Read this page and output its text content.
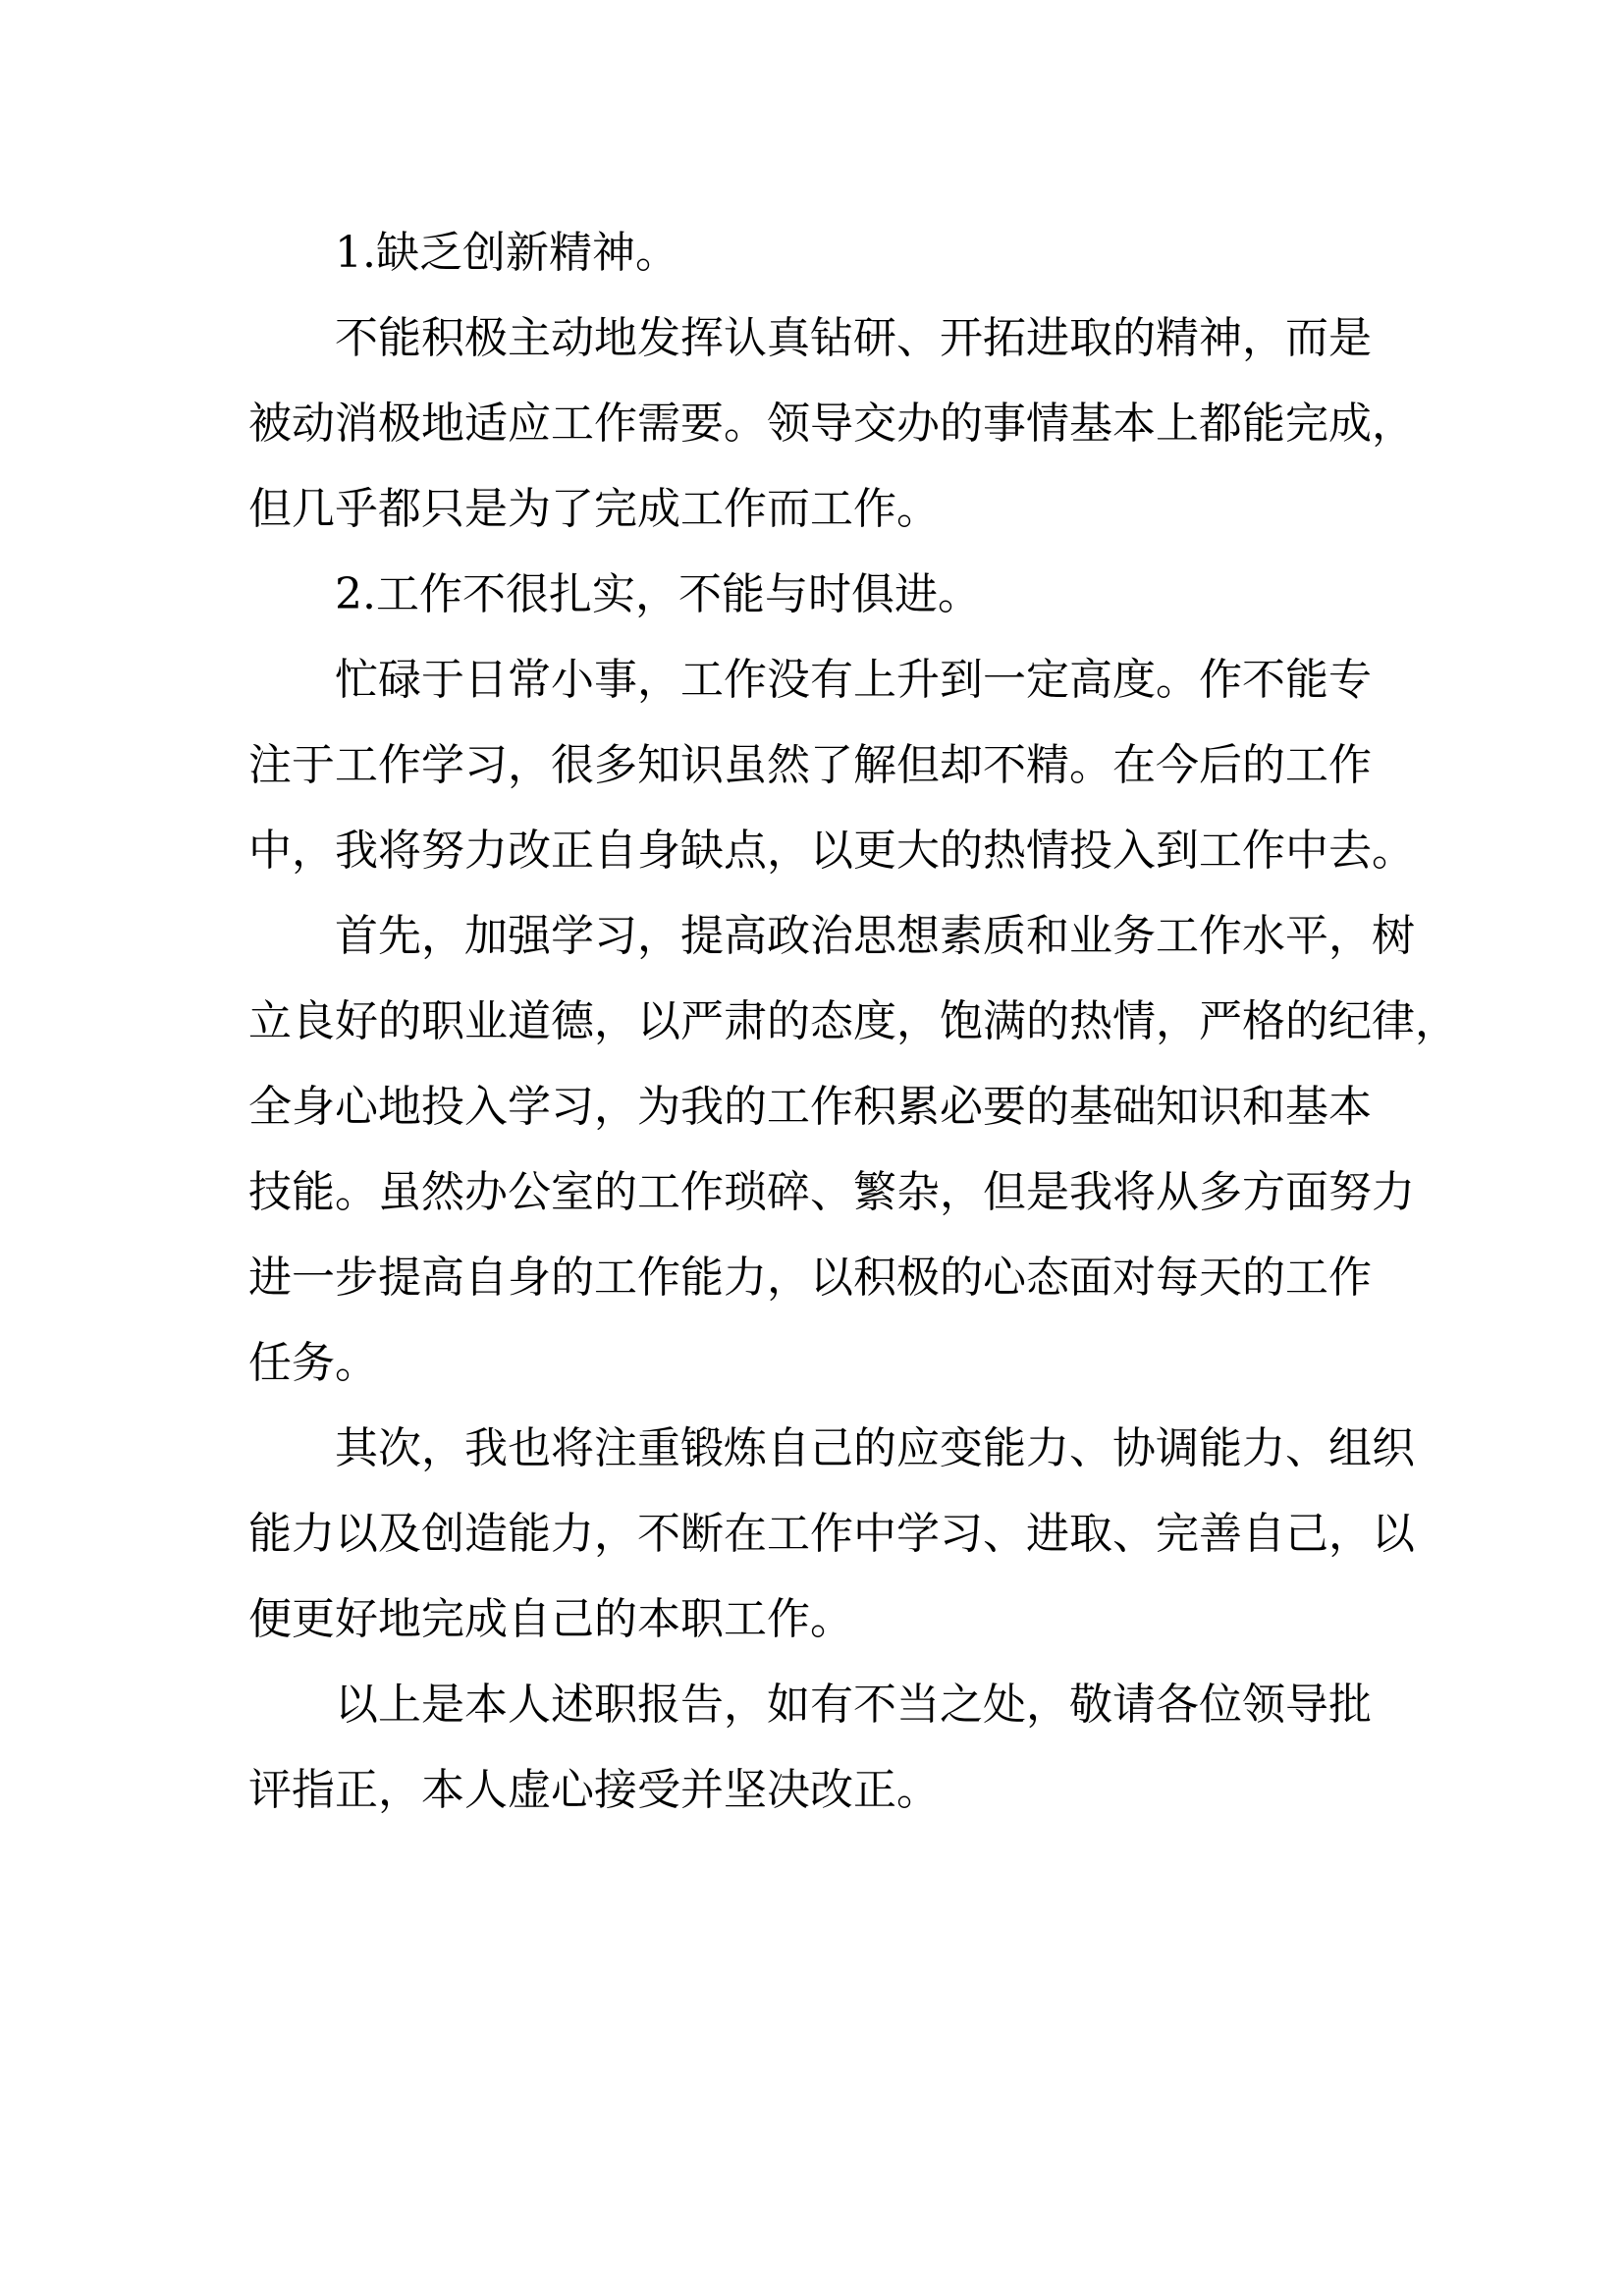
1.缺乏创新精神。

不能积极主动地发挥认真钻研、开拓进取的精神，而是
被动消极地适应工作需要。领导交办的事情基本上都能完成，
但几乎都只是为了完成工作而工作。

2.工作不很扎实，不能与时俱进。

忙碌于日常小事，工作没有上升到一定高度。作不能专
注于工作学习，很多知识虽然了解但却不精。在今后的工作
中，我将努力改正自身缺点，以更大的热情投入到工作中去。

首先，加强学习，提高政治思想素质和业务工作水平，树
立良好的职业道德，以严肃的态度，饱满的热情，严格的纪律，
全身心地投入学习，为我的工作积累必要的基础知识和基本
技能。虽然办公室的工作琐碎、繁杂，但是我将从多方面努力
进一步提高自身的工作能力，以积极的心态面对每天的工作
任务。

其次，我也将注重锻炼自己的应变能力、协调能力、组织
能力以及创造能力，不断在工作中学习、进取、完善自己，以
便更好地完成自己的本职工作。

以上是本人述职报告，如有不当之处，敬请各位领导批
评指正，本人虚心接受并坚决改正。
